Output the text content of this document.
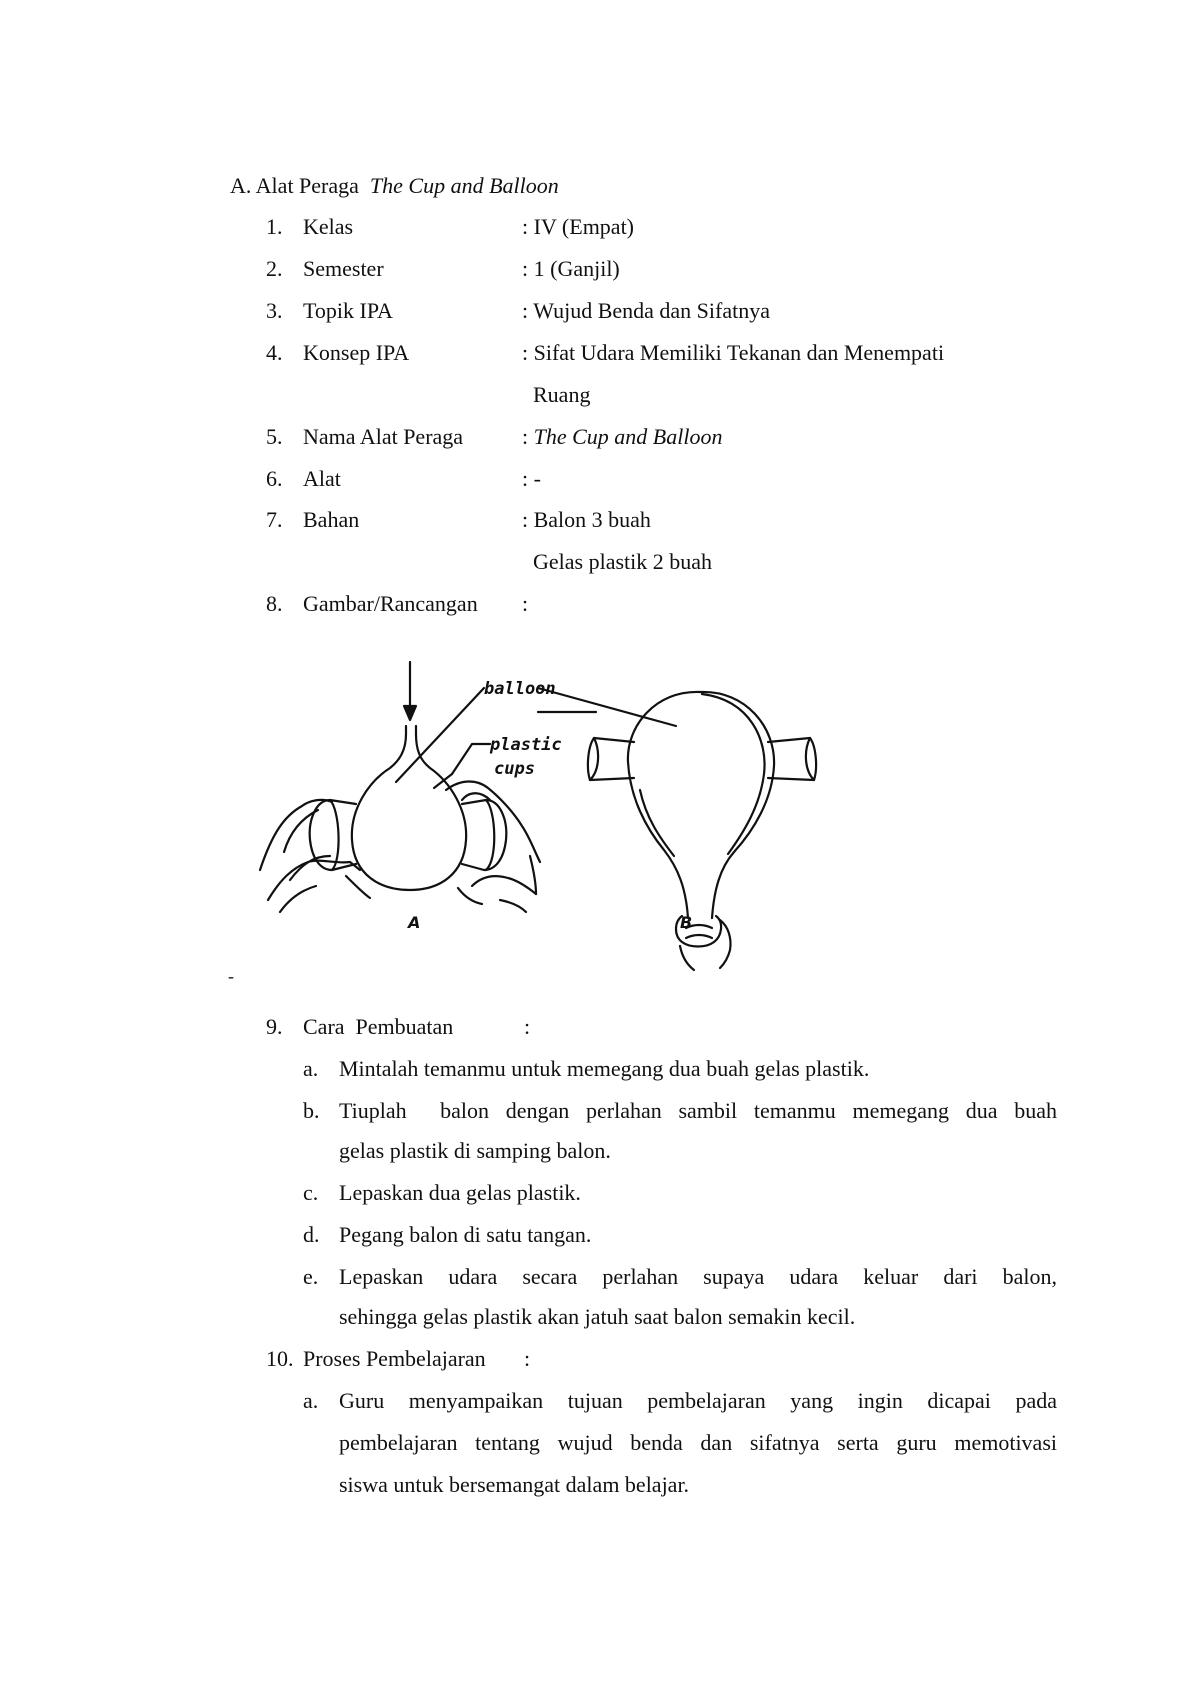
A. Alat Peraga The Cup and Balloon
1. Kelas	: IV (Empat)
2. Semester	: 1 (Ganjil)
3. Topik IPA	: Wujud Benda dan Sifatnya
4. Konsep IPA	: Sifat Udara Memiliki Tekanan dan Menempati
Ruang
5. Nama Alat Peraga	: The Cup and Balloon
6. Alat	: -
7. Bahan	: Balon 3 buah
Gelas plastik 2 buah
8. Gambar/Rancangan :
balloon
plastic
cups
A	B
-
9. Cara  Pembuatan	:
a. Mintalah temanmu untuk memegang dua buah gelas plastik.
b. Tiuplah  balon dengan perlahan sambil temanmu memegang dua buah
gelas plastik di samping balon.
c. Lepaskan dua gelas plastik.
d. Pegang balon di satu tangan.
e. Lepaskan udara secara perlahan supaya udara keluar dari balon,
sehingga gelas plastik akan jatuh saat balon semakin kecil.
10. Proses Pembelajaran :
a. Guru menyampaikan tujuan pembelajaran yang ingin dicapai pada
pembelajaran tentang wujud benda dan sifatnya serta guru memotivasi
siswa untuk bersemangat dalam belajar.
